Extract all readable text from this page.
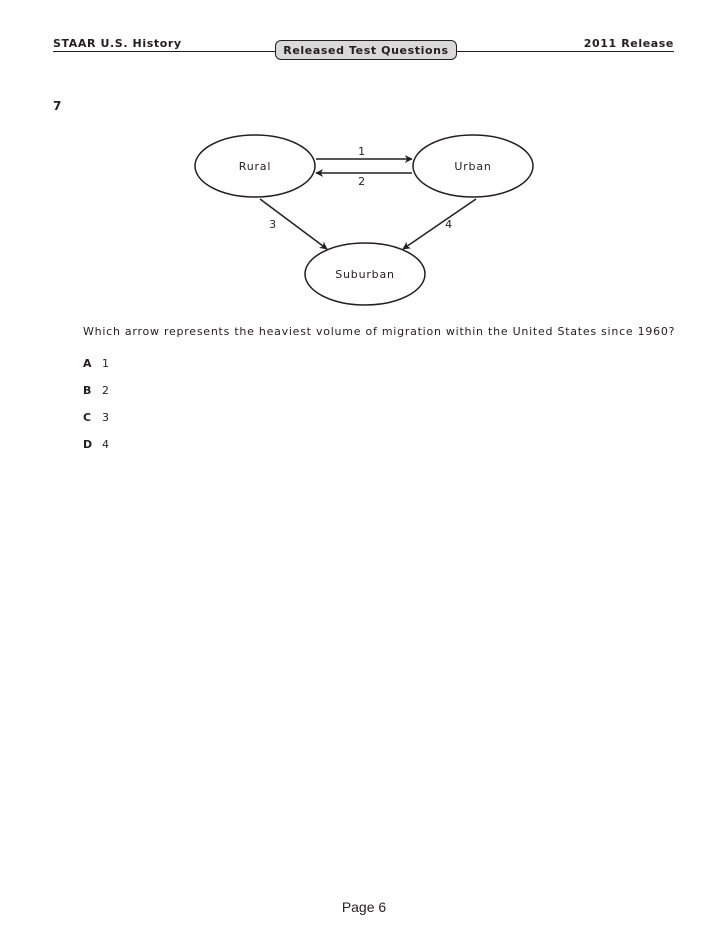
STAAR U.S. History	2011 Release
Released Test Questions
7
Rural	Urban
Suburban
1
2
3	4
Which arrow represents the heaviest volume of migration within the United States since 1960?
A 1
B 2
C 3
D 4
Page 6
